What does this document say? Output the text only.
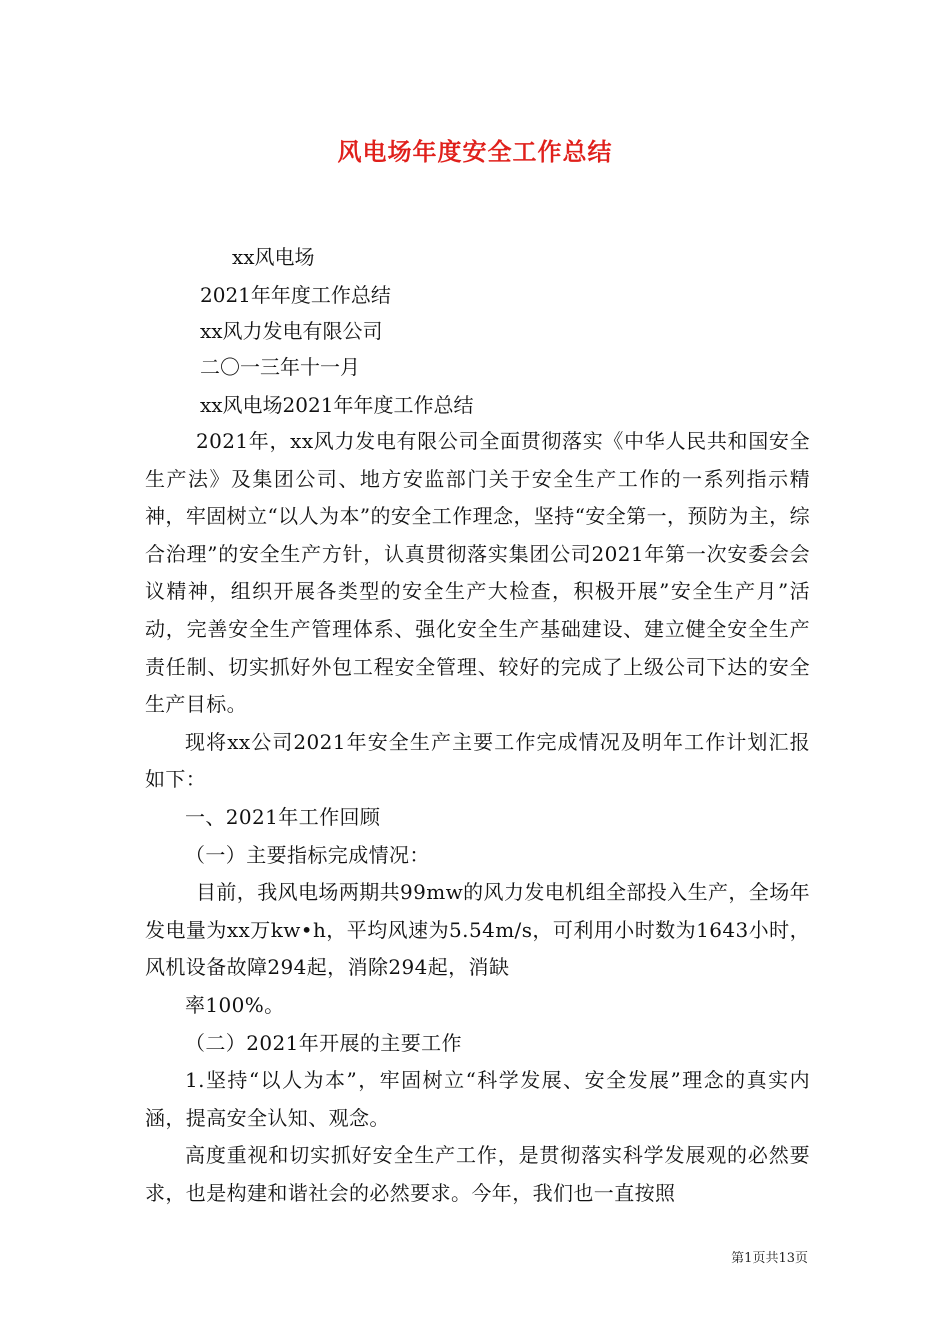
风电场年度安全工作总结
xx风电场
2021年年度工作总结
xx风力发电有限公司
二〇一三年十一月
xx风电场2021年年度工作总结

2021年，xx风力发电有限公司全面贯彻落实《中华人民共和国安全生产法》及集团公司、地方安监部门关于安全生产工作的一系列指示精神，牢固树立“以人为本”的安全工作理念，坚持“安全第一，预防为主，综合治理”的安全生产方针，认真贯彻落实集团公司2021年第一次安委会会议精神，组织开展各类型的安全生产大检查，积极开展”安全生产月”活动，完善安全生产管理体系、强化安全生产基础建设、建立健全安全生产责任制、切实抓好外包工程安全管理、较好的完成了上级公司下达的安全生产目标。

现将xx公司2021年安全生产主要工作完成情况及明年工作计划汇报如下：

一、2021年工作回顾

（一）主要指标完成情况：

目前，我风电场两期共99mw的风力发电机组全部投入生产，全场年发电量为xx万kw•h，平均风速为5.54m/s，可利用小时数为1643小时，风机设备故障294起，消除294起，消缺

率100%。

（二）2021年开展的主要工作

1.坚持“以人为本”，牢固树立“科学发展、安全发展”理念的真实内涵，提高安全认知、观念。

高度重视和切实抓好安全生产工作，是贯彻落实科学发展观的必然要求，也是构建和谐社会的必然要求。今年，我们也一直按照

第1页共13页
